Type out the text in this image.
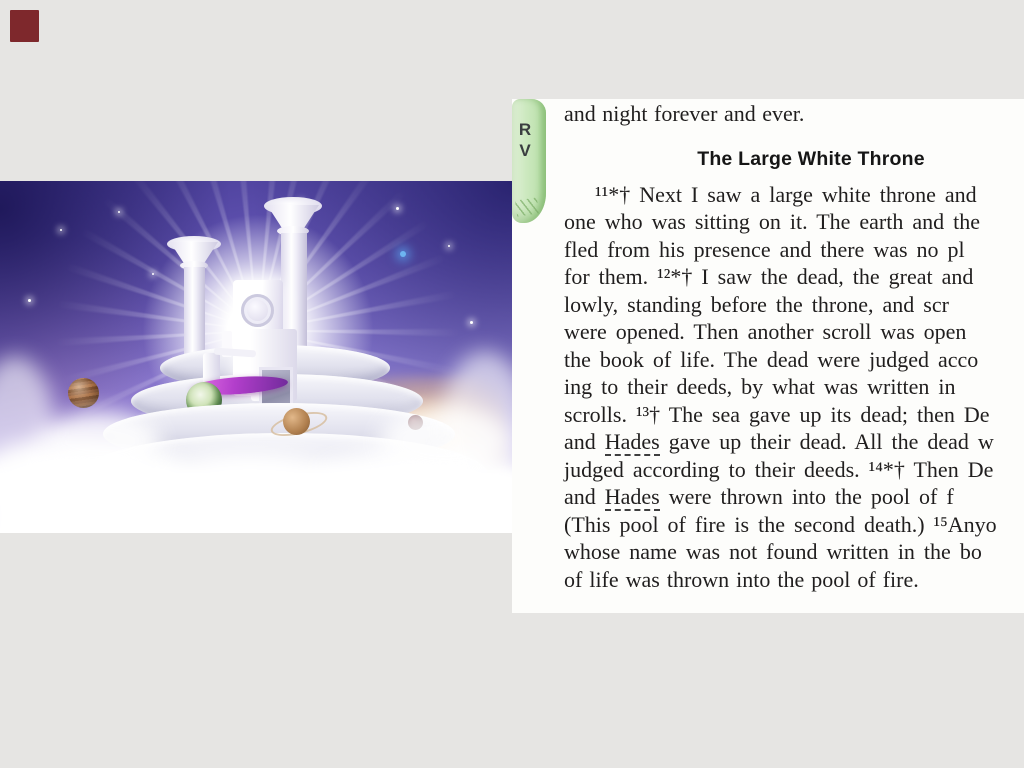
R
V
and night forever and ever.
The Large White Throne
¹¹*† Next I saw a large white throne and
one who was sitting on it. The earth and the
fled from his presence and there was no pl
for them. ¹²*† I saw the dead, the great and
lowly, standing before the throne, and scr
were opened. Then another scroll was open
the book of life. The dead were judged acco
ing to their deeds, by what was written in
scrolls. ¹³† The sea gave up its dead; then De
and Hades gave up their dead. All the dead w
judged according to their deeds. ¹⁴*† Then De
and Hades were thrown into the pool of f
(This pool of fire is the second death.) ¹⁵Anyo
whose name was not found written in the bo
of life was thrown into the pool of fire.
